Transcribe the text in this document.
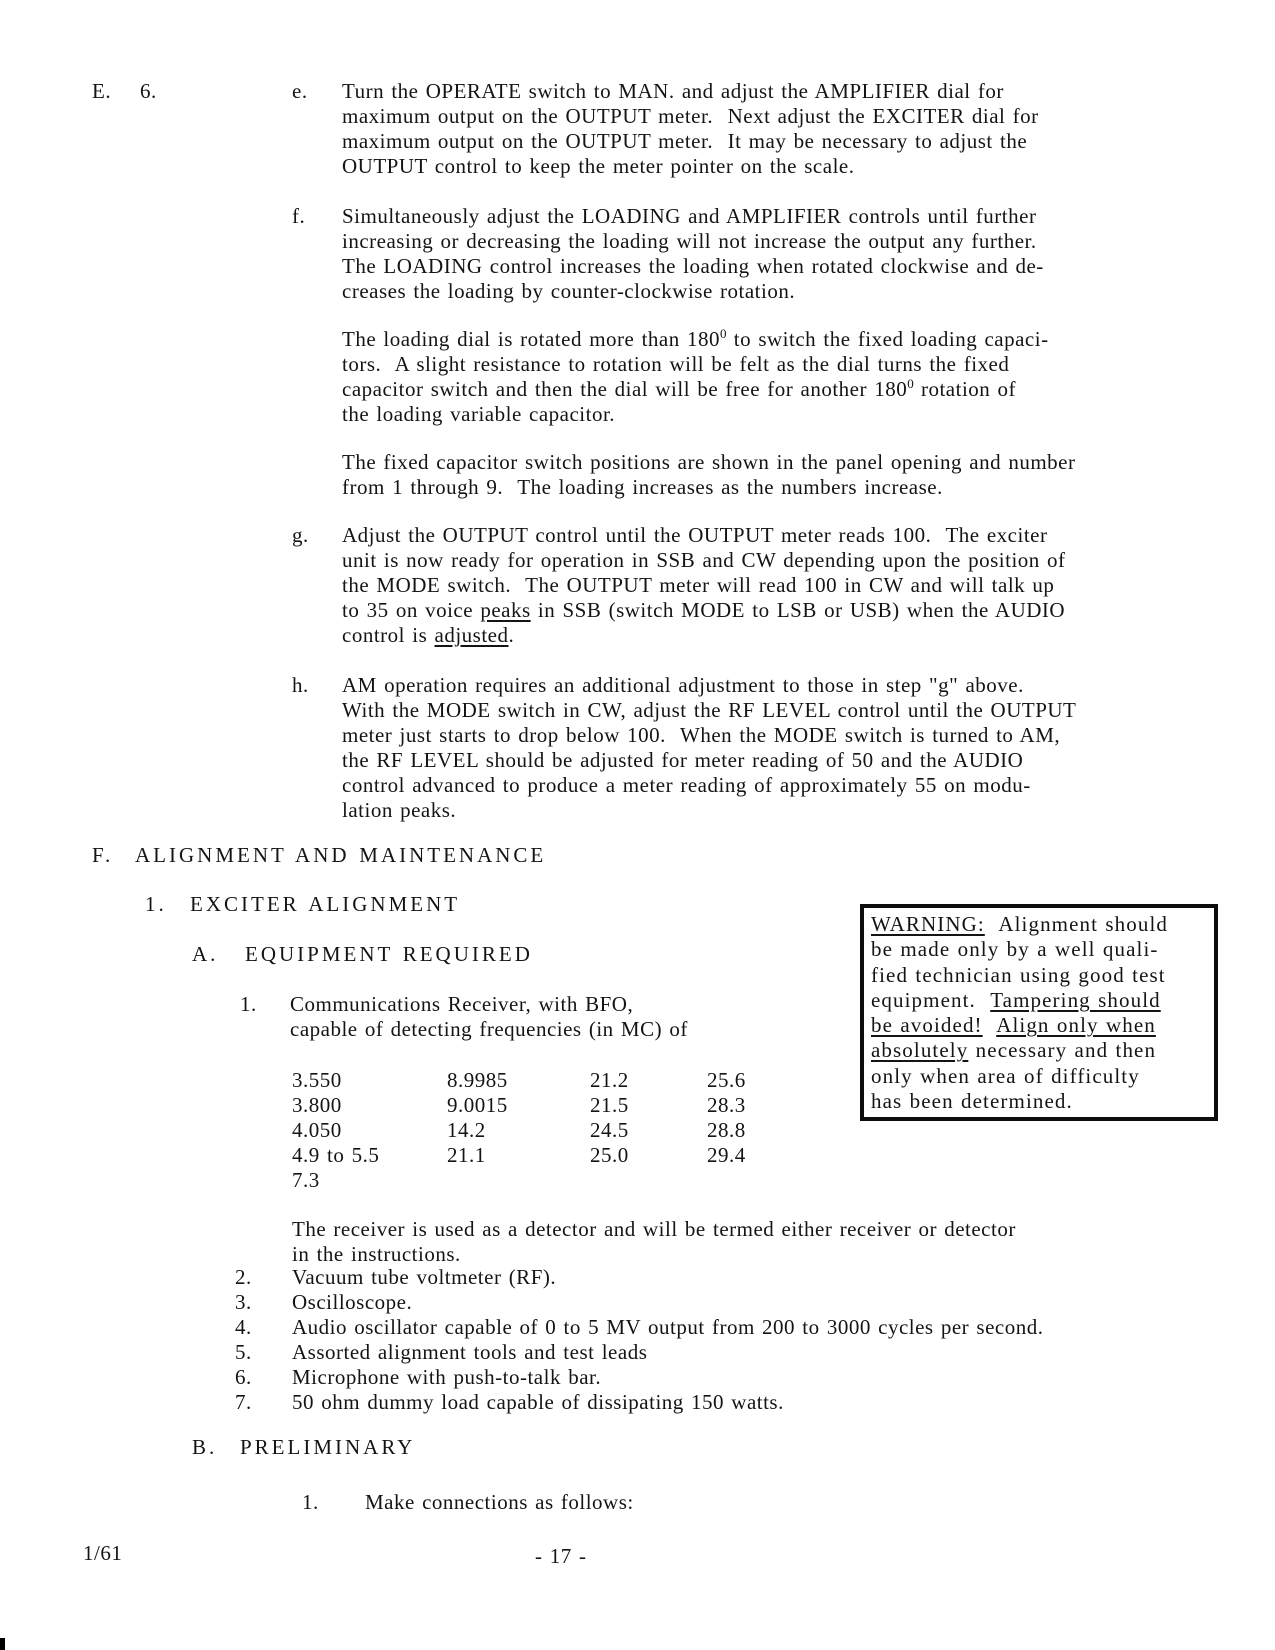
E. 6.	e. Turn the OPERATE switch to MAN. and adjust the AMPLIFIER dial for
maximum output on the OUTPUT meter.  Next adjust the EXCITER dial for
maximum output on the OUTPUT meter.  It may be necessary to adjust the
OUTPUT control to keep the meter pointer on the scale.
f. Simultaneously adjust the LOADING and AMPLIFIER controls until further
increasing or decreasing the loading will not increase the output any further.
The LOADING control increases the loading when rotated clockwise and de-
creases the loading by counter-clockwise rotation.
The loading dial is rotated more than $180^0$ to switch the fixed loading capaci-
tors.  A slight resistance to rotation will be felt as the dial turns the fixed
capacitor switch and then the dial will be free for another $180^0$ rotation of
the loading variable capacitor.
The fixed capacitor switch positions are shown in the panel opening and number
from 1 through 9.  The loading increases as the numbers increase.
g. Adjust the OUTPUT control until the OUTPUT meter reads 100.  The exciter
unit is now ready for operation in SSB and CW depending upon the position of
the MODE switch.  The OUTPUT meter will read 100 in CW and will talk up
to 35 on voice peaks in SSB (switch MODE to LSB or USB) when the AUDIO
control is adjusted.
h. AM operation requires an additional adjustment to those in step "g" above.
With the MODE switch in CW, adjust the RF LEVEL control until the OUTPUT
meter just starts to drop below 100.  When the MODE switch is turned to AM,
the RF LEVEL should be adjusted for meter reading of 50 and the AUDIO
control advanced to produce a meter reading of approximately 55 on modu-
lation peaks.
F. ALIGNMENT AND MAINTENANCE
1. EXCITER ALIGNMENT
A. EQUIPMENT REQUIRED
1. Communications Receiver, with BFO,
capable of detecting frequencies (in MC) of
3.550	8.9985	21.2	25.6
3.800	9.0015	21.5	28.3
4.050	14.2	24.5	28.8
4.9 to 5.5	21.1	25.0	29.4
7.3
WARNING:  Alignment should
be made only by a well quali-
fied technician using good test
equipment.  Tampering should
be avoided! Align only when
absolutely necessary and then
only when area of difficulty
has been determined.
The receiver is used as a detector and will be termed either receiver or detector
in the instructions.
2. Vacuum tube voltmeter (RF).
3. Oscilloscope.
4. Audio oscillator capable of 0 to 5 MV output from 200 to 3000 cycles per second.
5. Assorted alignment tools and test leads
6. Microphone with push-to-talk bar.
7. 50 ohm dummy load capable of dissipating 150 watts.
B. PRELIMINARY
1. Make connections as follows:
1/61	- 17 -
